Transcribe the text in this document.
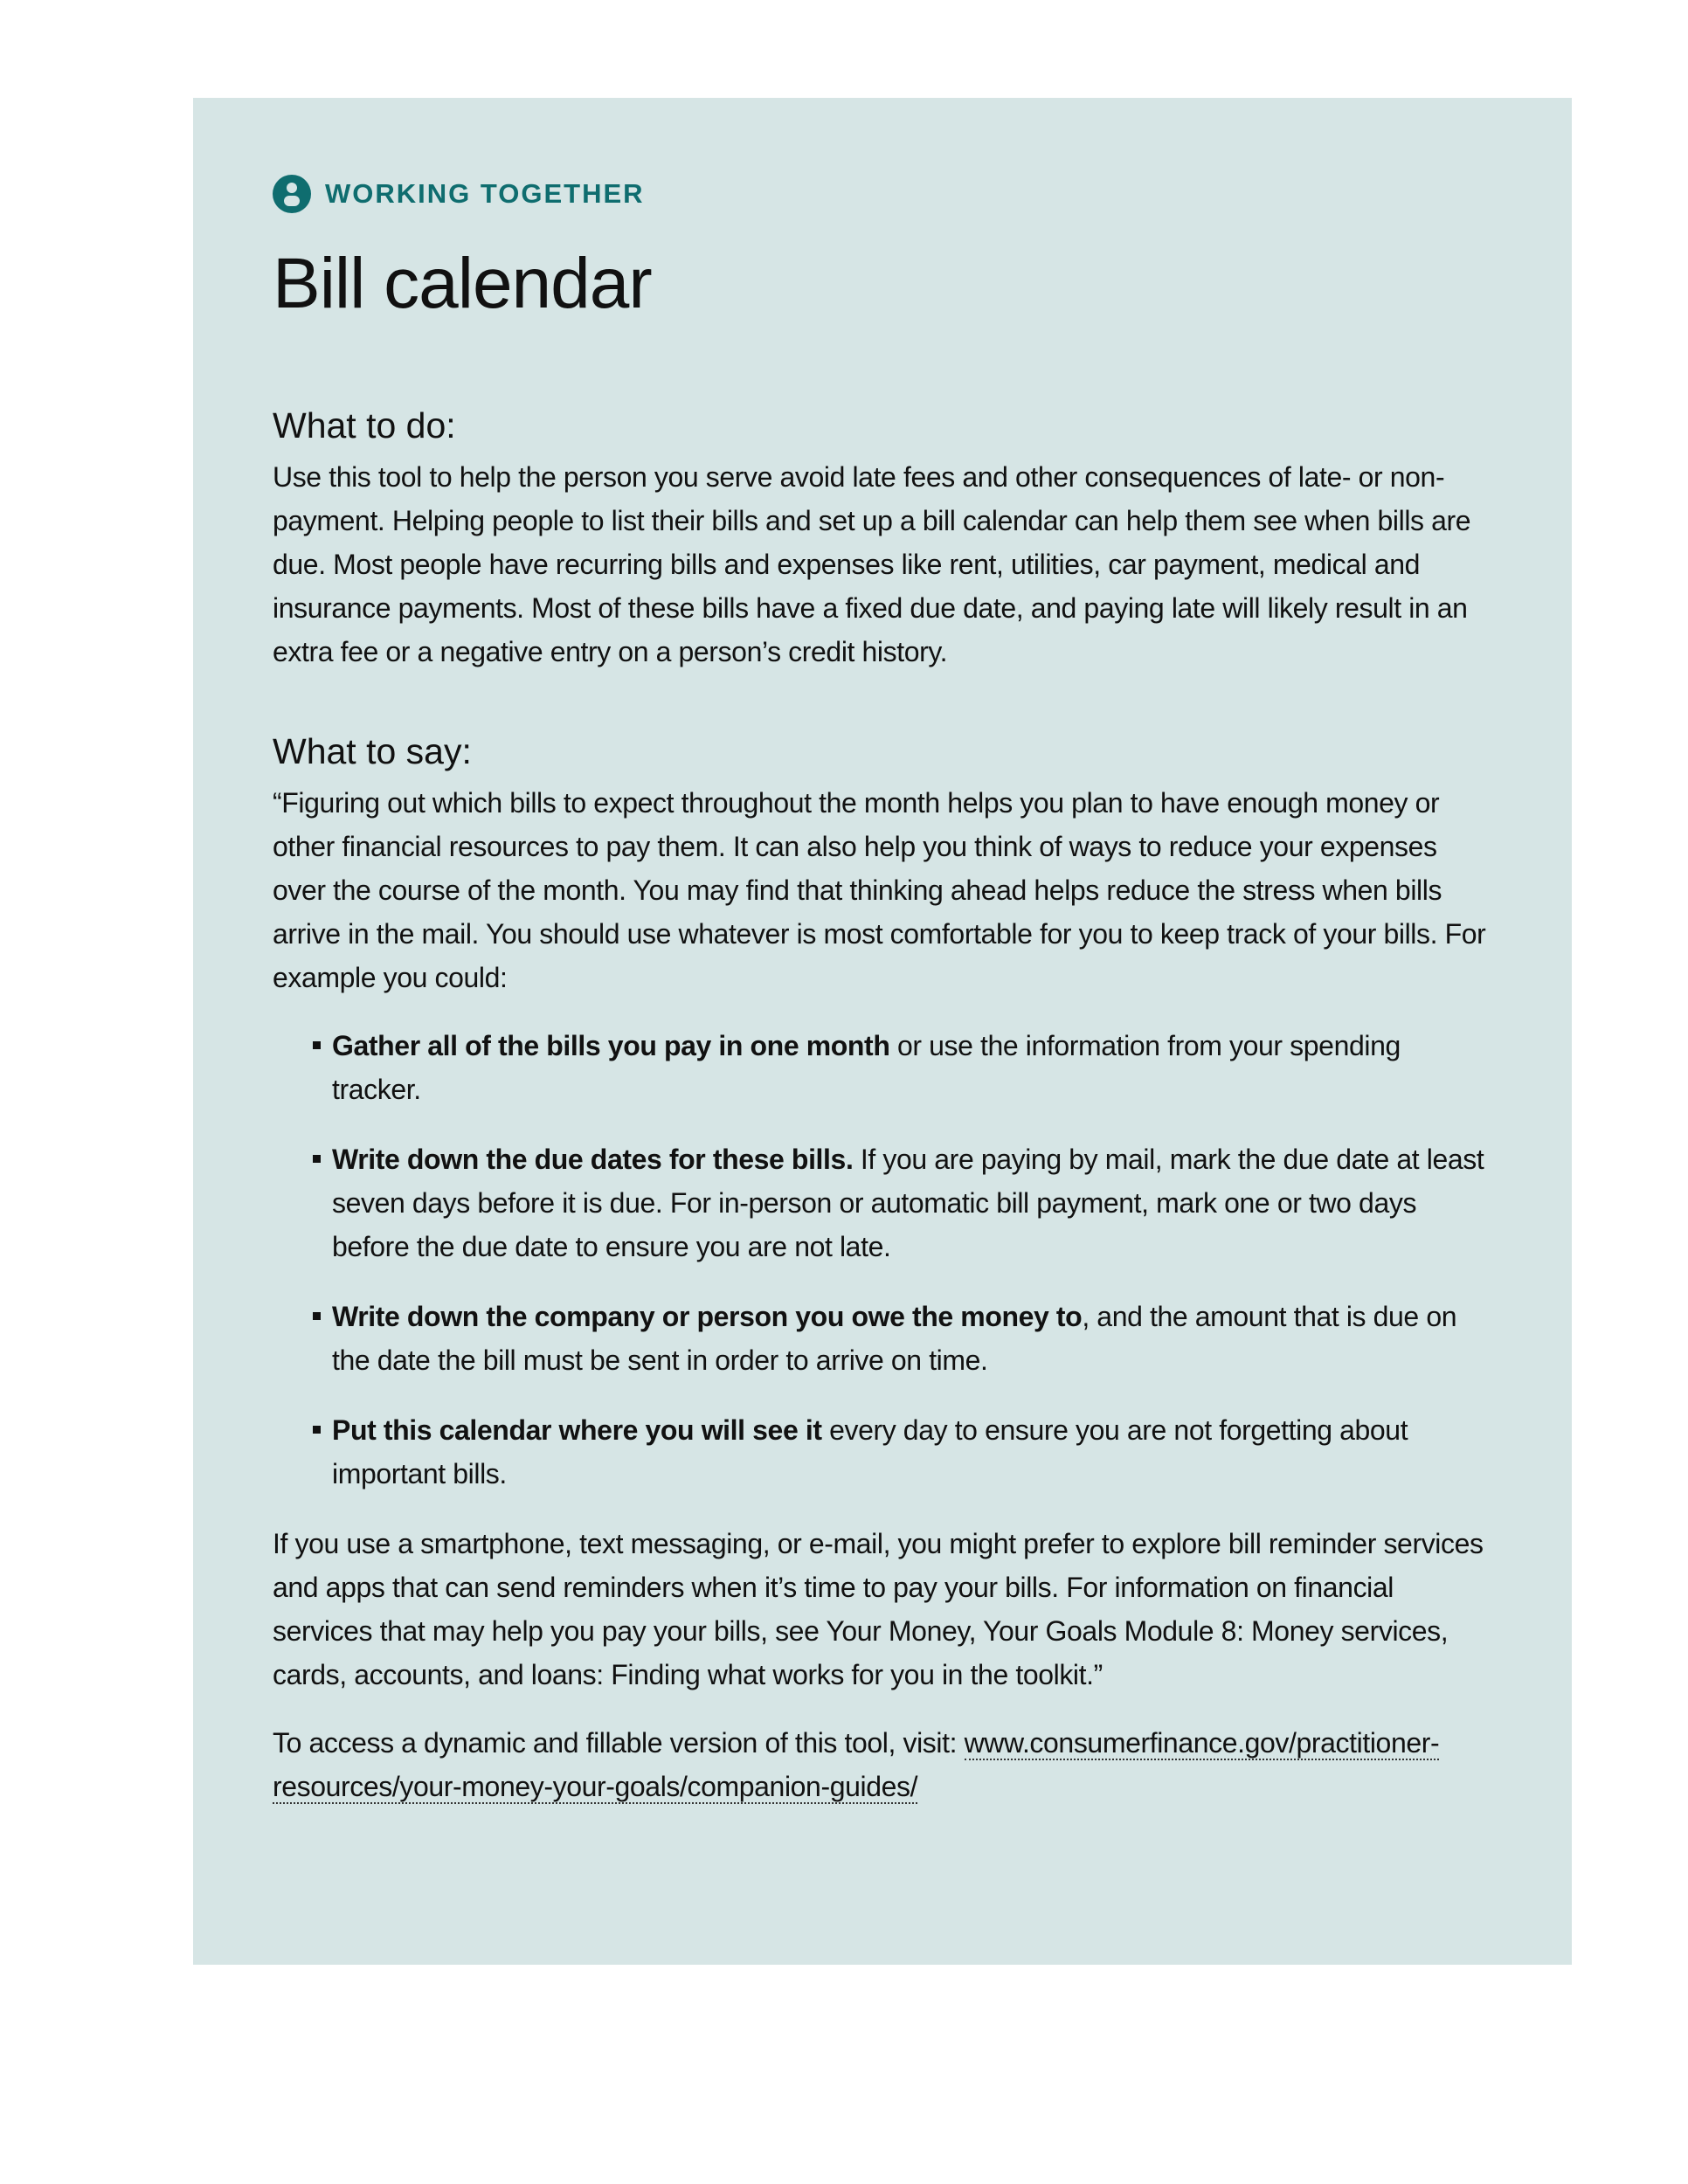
WORKING TOGETHER
Bill calendar
What to do:

Use this tool to help the person you serve avoid late fees and other consequences of late- or non-payment. Helping people to list their bills and set up a bill calendar can help them see when bills are due. Most people have recurring bills and expenses like rent, utilities, car payment, medical and insurance payments. Most of these bills have a fixed due date, and paying late will likely result in an extra fee or a negative entry on a person’s credit history.

What to say:

“Figuring out which bills to expect throughout the month helps you plan to have enough money or other financial resources to pay them. It can also help you think of ways to reduce your expenses over the course of the month. You may find that thinking ahead helps reduce the stress when bills arrive in the mail. You should use whatever is most comfortable for you to keep track of your bills. For example you could:

Gather all of the bills you pay in one month or use the information from your spending tracker.
Write down the due dates for these bills. If you are paying by mail, mark the due date at least seven days before it is due. For in-person or automatic bill payment, mark one or two days before the due date to ensure you are not late.
Write down the company or person you owe the money to, and the amount that is due on the date the bill must be sent in order to arrive on time.
Put this calendar where you will see it every day to ensure you are not forgetting about important bills.

If you use a smartphone, text messaging, or e-mail, you might prefer to explore bill reminder services and apps that can send reminders when it’s time to pay your bills. For information on financial services that may help you pay your bills, see Your Money, Your Goals Module 8: Money services, cards, accounts, and loans: Finding what works for you in the toolkit.”

To access a dynamic and fillable version of this tool, visit: www.consumerfinance.gov/practitioner-resources/your-money-your-goals/companion-guides/
